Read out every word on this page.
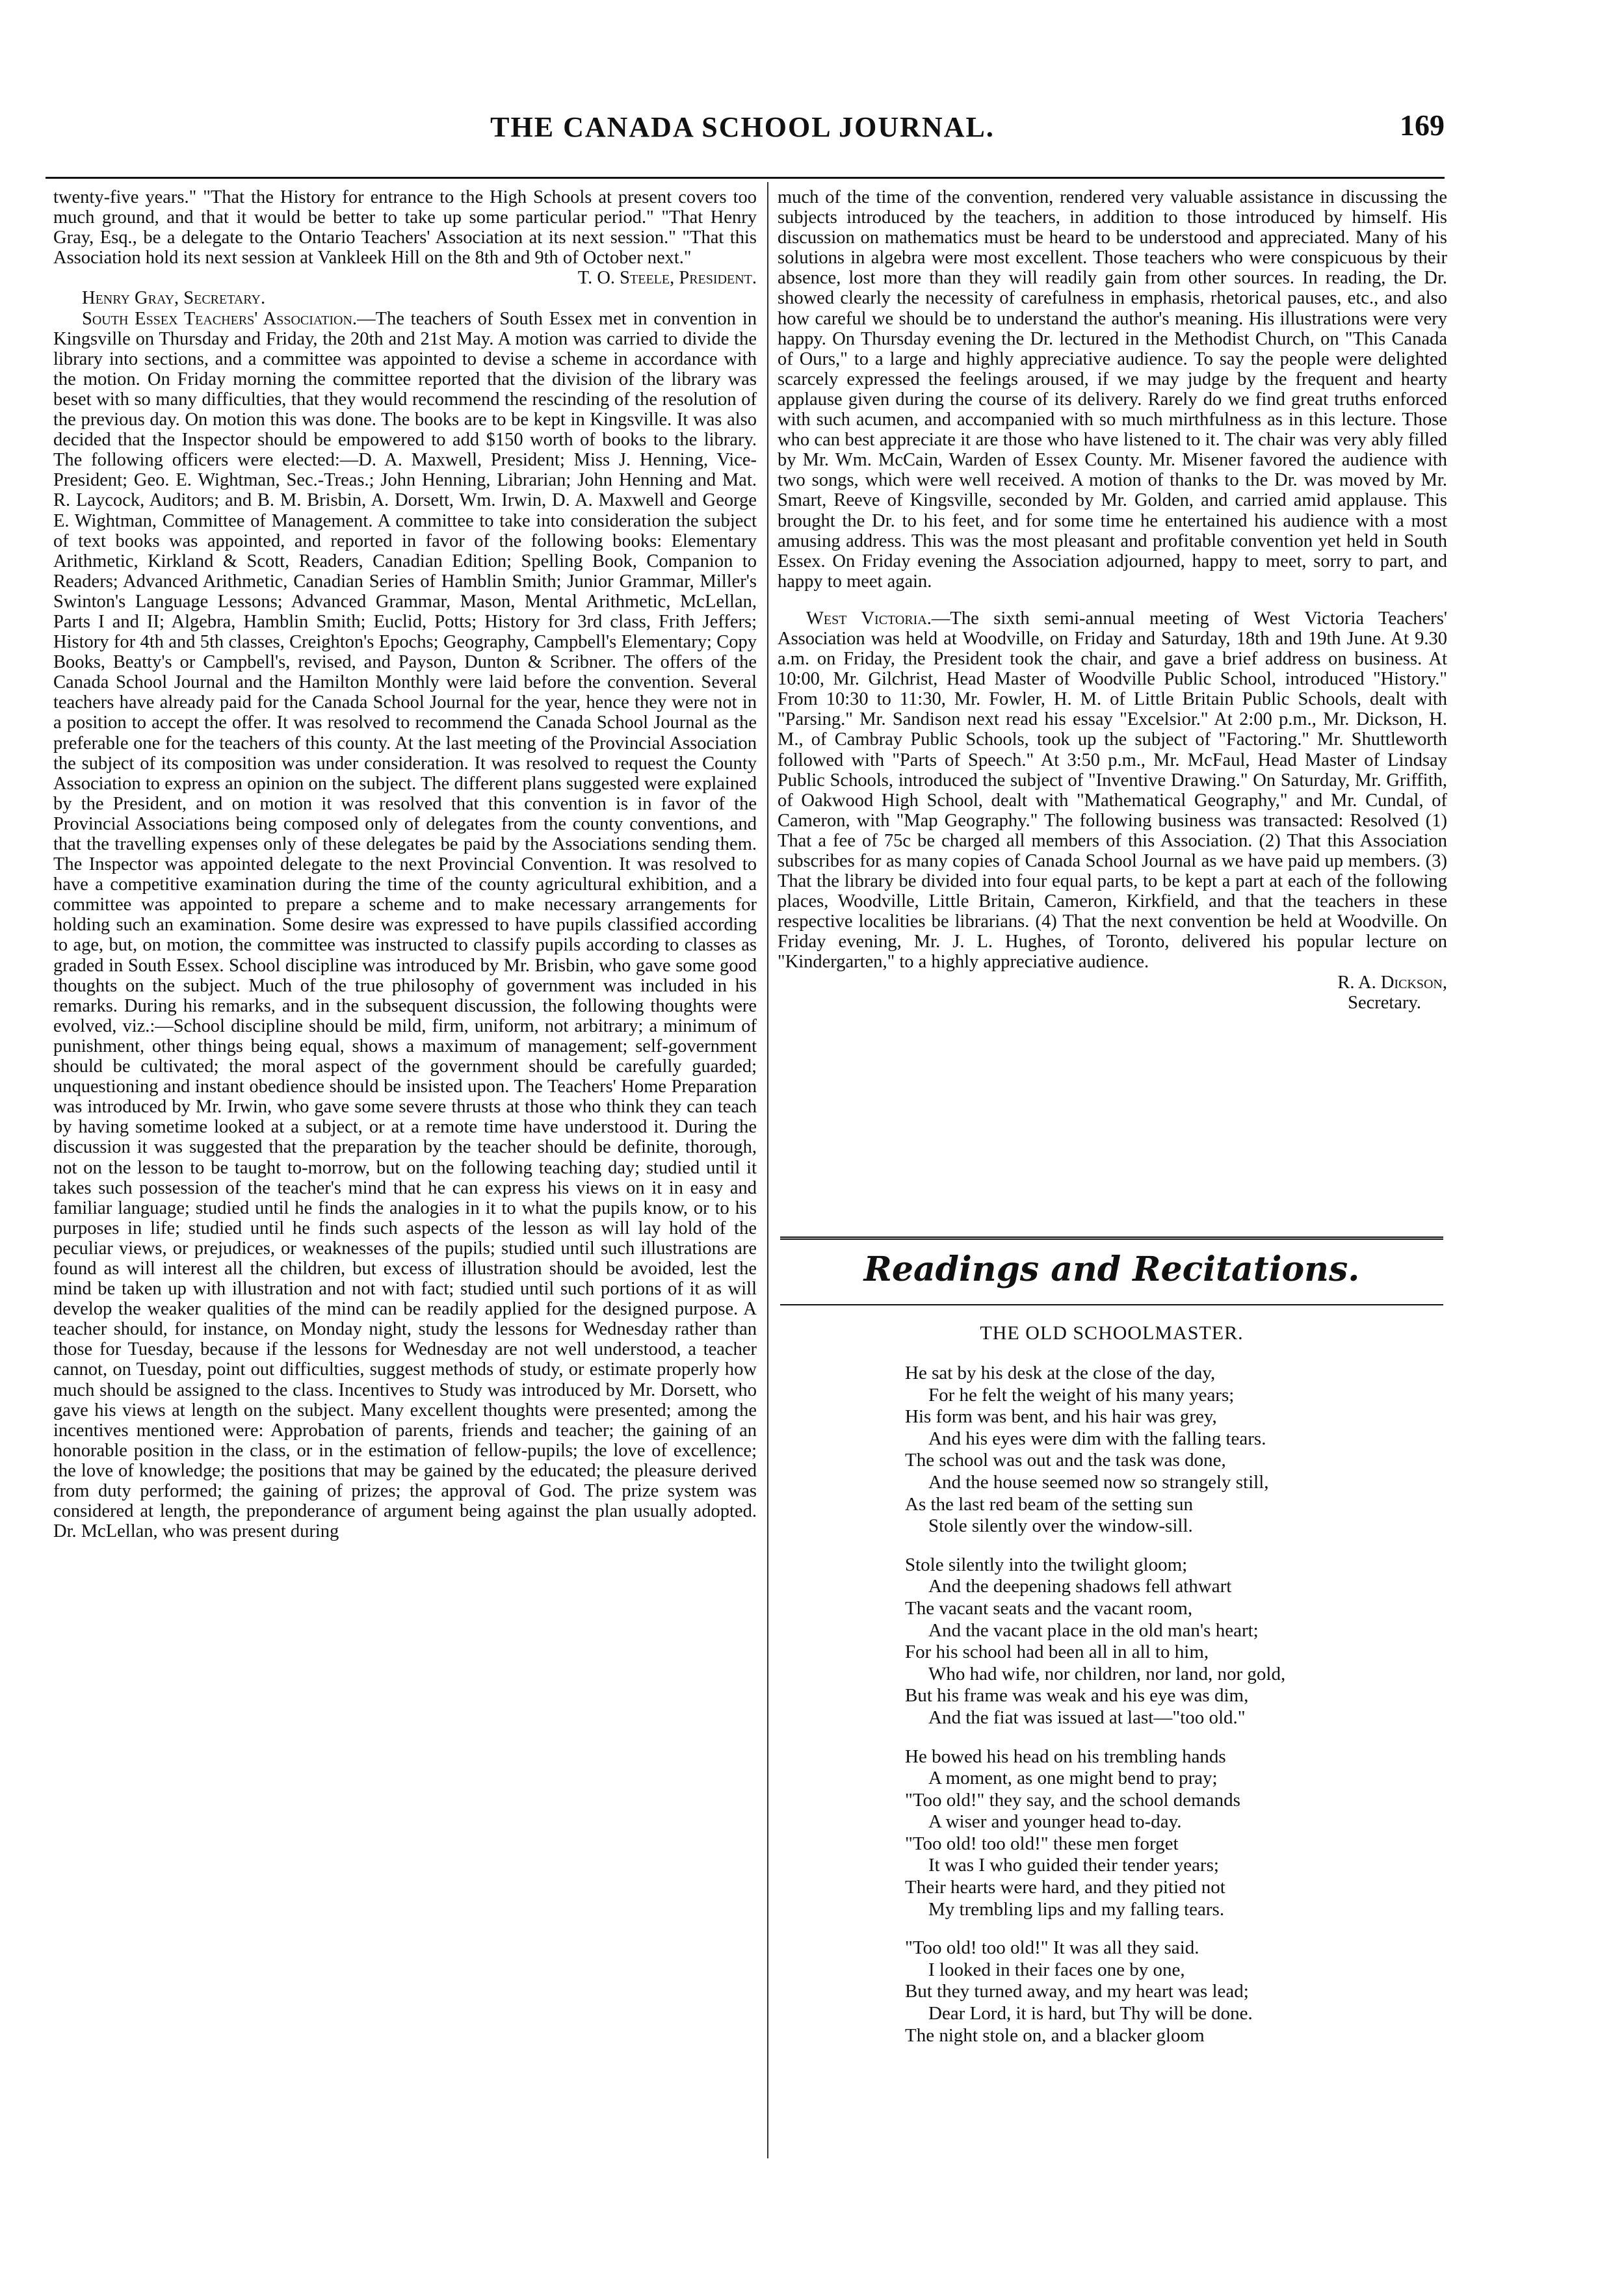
THE CANADA SCHOOL JOURNAL.	169

twenty-five years." "That the History for entrance to the High Schools at present covers too much ground, and that it would be better to take up some particular period." "That Henry Gray, Esq., be a delegate to the Ontario Teachers' Association at its next session." "That this Association hold its next session at Vankleek Hill on the 8th and 9th of October next."

T. O. Steele, President.

Henry Gray, Secretary.

South Essex Teachers' Association.—The teachers of South Essex met in convention in Kingsville on Thursday and Friday, the 20th and 21st May. A motion was carried to divide the library into sections, and a committee was appointed to devise a scheme in accordance with the motion. On Friday morning the committee reported that the division of the library was beset with so many difficulties, that they would recommend the rescinding of the resolution of the previous day. On motion this was done. The books are to be kept in Kingsville. It was also decided that the Inspector should be empowered to add $150 worth of books to the library. The following officers were elected:—D. A. Maxwell, President; Miss J. Henning, Vice-President; Geo. E. Wightman, Sec.-Treas.; John Henning, Librarian; John Henning and Mat. R. Laycock, Auditors; and B. M. Brisbin, A. Dorsett, Wm. Irwin, D. A. Maxwell and George E. Wightman, Committee of Management. A committee to take into consideration the subject of text books was appointed, and reported in favor of the following books: Elementary Arithmetic, Kirkland & Scott, Readers, Canadian Edition; Spelling Book, Companion to Readers; Advanced Arithmetic, Canadian Series of Hamblin Smith; Junior Grammar, Miller's Swinton's Language Lessons; Advanced Grammar, Mason, Mental Arithmetic, McLellan, Parts I and II; Algebra, Hamblin Smith; Euclid, Potts; History for 3rd class, Frith Jeffers; History for 4th and 5th classes, Creighton's Epochs; Geography, Campbell's Elementary; Copy Books, Beatty's or Campbell's, revised, and Payson, Dunton & Scribner. The offers of the Canada School Journal and the Hamilton Monthly were laid before the convention. Several teachers have already paid for the Canada School Journal for the year, hence they were not in a position to accept the offer. It was resolved to recommend the Canada School Journal as the preferable one for the teachers of this county. At the last meeting of the Provincial Association the subject of its composition was under consideration. It was resolved to request the County Association to express an opinion on the subject. The different plans suggested were explained by the President, and on motion it was resolved that this convention is in favor of the Provincial Associations being composed only of delegates from the county conventions, and that the travelling expenses only of these delegates be paid by the Associations sending them. The Inspector was appointed delegate to the next Provincial Convention. It was resolved to have a competitive examination during the time of the county agricultural exhibition, and a committee was appointed to prepare a scheme and to make necessary arrangements for holding such an examination. Some desire was expressed to have pupils classified according to age, but, on motion, the committee was instructed to classify pupils according to classes as graded in South Essex. School discipline was introduced by Mr. Brisbin, who gave some good thoughts on the subject. Much of the true philosophy of government was included in his remarks. During his remarks, and in the subsequent discussion, the following thoughts were evolved, viz.:—School discipline should be mild, firm, uniform, not arbitrary; a minimum of punishment, other things being equal, shows a maximum of management; self-government should be cultivated; the moral aspect of the government should be carefully guarded; unquestioning and instant obedience should be insisted upon. The Teachers' Home Preparation was introduced by Mr. Irwin, who gave some severe thrusts at those who think they can teach by having sometime looked at a subject, or at a remote time have understood it. During the discussion it was suggested that the preparation by the teacher should be definite, thorough, not on the lesson to be taught to-morrow, but on the following teaching day; studied until it takes such possession of the teacher's mind that he can express his views on it in easy and familiar language; studied until he finds the analogies in it to what the pupils know, or to his purposes in life; studied until he finds such aspects of the lesson as will lay hold of the peculiar views, or prejudices, or weaknesses of the pupils; studied until such illustrations are found as will interest all the children, but excess of illustration should be avoided, lest the mind be taken up with illustration and not with fact; studied until such portions of it as will develop the weaker qualities of the mind can be readily applied for the designed purpose. A teacher should, for instance, on Monday night, study the lessons for Wednesday rather than those for Tuesday, because if the lessons for Wednesday are not well understood, a teacher cannot, on Tuesday, point out difficulties, suggest methods of study, or estimate properly how much should be assigned to the class. Incentives to Study was introduced by Mr. Dorsett, who gave his views at length on the subject. Many excellent thoughts were presented; among the incentives mentioned were: Approbation of parents, friends and teacher; the gaining of an honorable position in the class, or in the estimation of fellow-pupils; the love of excellence; the love of knowledge; the positions that may be gained by the educated; the pleasure derived from duty performed; the gaining of prizes; the approval of God. The prize system was considered at length, the preponderance of argument being against the plan usually adopted. Dr. McLellan, who was present during

much of the time of the convention, rendered very valuable assistance in discussing the subjects introduced by the teachers, in addition to those introduced by himself. His discussion on mathematics must be heard to be understood and appreciated. Many of his solutions in algebra were most excellent. Those teachers who were conspicuous by their absence, lost more than they will readily gain from other sources. In reading, the Dr. showed clearly the necessity of carefulness in emphasis, rhetorical pauses, etc., and also how careful we should be to understand the author's meaning. His illustrations were very happy. On Thursday evening the Dr. lectured in the Methodist Church, on "This Canada of Ours," to a large and highly appreciative audience. To say the people were delighted scarcely expressed the feelings aroused, if we may judge by the frequent and hearty applause given during the course of its delivery. Rarely do we find great truths enforced with such acumen, and accompanied with so much mirthfulness as in this lecture. Those who can best appreciate it are those who have listened to it. The chair was very ably filled by Mr. Wm. McCain, Warden of Essex County. Mr. Misener favored the audience with two songs, which were well received. A motion of thanks to the Dr. was moved by Mr. Smart, Reeve of Kingsville, seconded by Mr. Golden, and carried amid applause. This brought the Dr. to his feet, and for some time he entertained his audience with a most amusing address. This was the most pleasant and profitable convention yet held in South Essex. On Friday evening the Association adjourned, happy to meet, sorry to part, and happy to meet again.

West Victoria.—The sixth semi-annual meeting of West Victoria Teachers' Association was held at Woodville, on Friday and Saturday, 18th and 19th June. At 9.30 a.m. on Friday, the President took the chair, and gave a brief address on business. At 10:00, Mr. Gilchrist, Head Master of Woodville Public School, introduced "History." From 10:30 to 11:30, Mr. Fowler, H. M. of Little Britain Public Schools, dealt with "Parsing." Mr. Sandison next read his essay "Excelsior." At 2:00 p.m., Mr. Dickson, H. M., of Cambray Public Schools, took up the subject of "Factoring." Mr. Shuttleworth followed with "Parts of Speech." At 3:50 p.m., Mr. McFaul, Head Master of Lindsay Public Schools, introduced the subject of "Inventive Drawing." On Saturday, Mr. Griffith, of Oakwood High School, dealt with "Mathematical Geography," and Mr. Cundal, of Cameron, with "Map Geography." The following business was transacted: Resolved (1) That a fee of 75c be charged all members of this Association. (2) That this Association subscribes for as many copies of Canada School Journal as we have paid up members. (3) That the library be divided into four equal parts, to be kept a part at each of the following places, Woodville, Little Britain, Cameron, Kirkfield, and that the teachers in these respective localities be librarians. (4) That the next convention be held at Woodville. On Friday evening, Mr. J. L. Hughes, of Toronto, delivered his popular lecture on "Kindergarten," to a highly appreciative audience.

R. A. Dickson,

Secretary.

Readings and Recitations.
THE OLD SCHOOLMASTER.
He sat by his desk at the close of the day,
For he felt the weight of his many years;
His form was bent, and his hair was grey,
And his eyes were dim with the falling tears.
The school was out and the task was done,
And the house seemed now so strangely still,
As the last red beam of the setting sun
Stole silently over the window-sill.
Stole silently into the twilight gloom;
And the deepening shadows fell athwart
The vacant seats and the vacant room,
And the vacant place in the old man's heart;
For his school had been all in all to him,
Who had wife, nor children, nor land, nor gold,
But his frame was weak and his eye was dim,
And the fiat was issued at last—"too old."
He bowed his head on his trembling hands
A moment, as one might bend to pray;
"Too old!" they say, and the school demands
A wiser and younger head to-day.
"Too old! too old!" these men forget
It was I who guided their tender years;
Their hearts were hard, and they pitied not
My trembling lips and my falling tears.
"Too old! too old!" It was all they said.
I looked in their faces one by one,
But they turned away, and my heart was lead;
Dear Lord, it is hard, but Thy will be done.
The night stole on, and a blacker gloom
